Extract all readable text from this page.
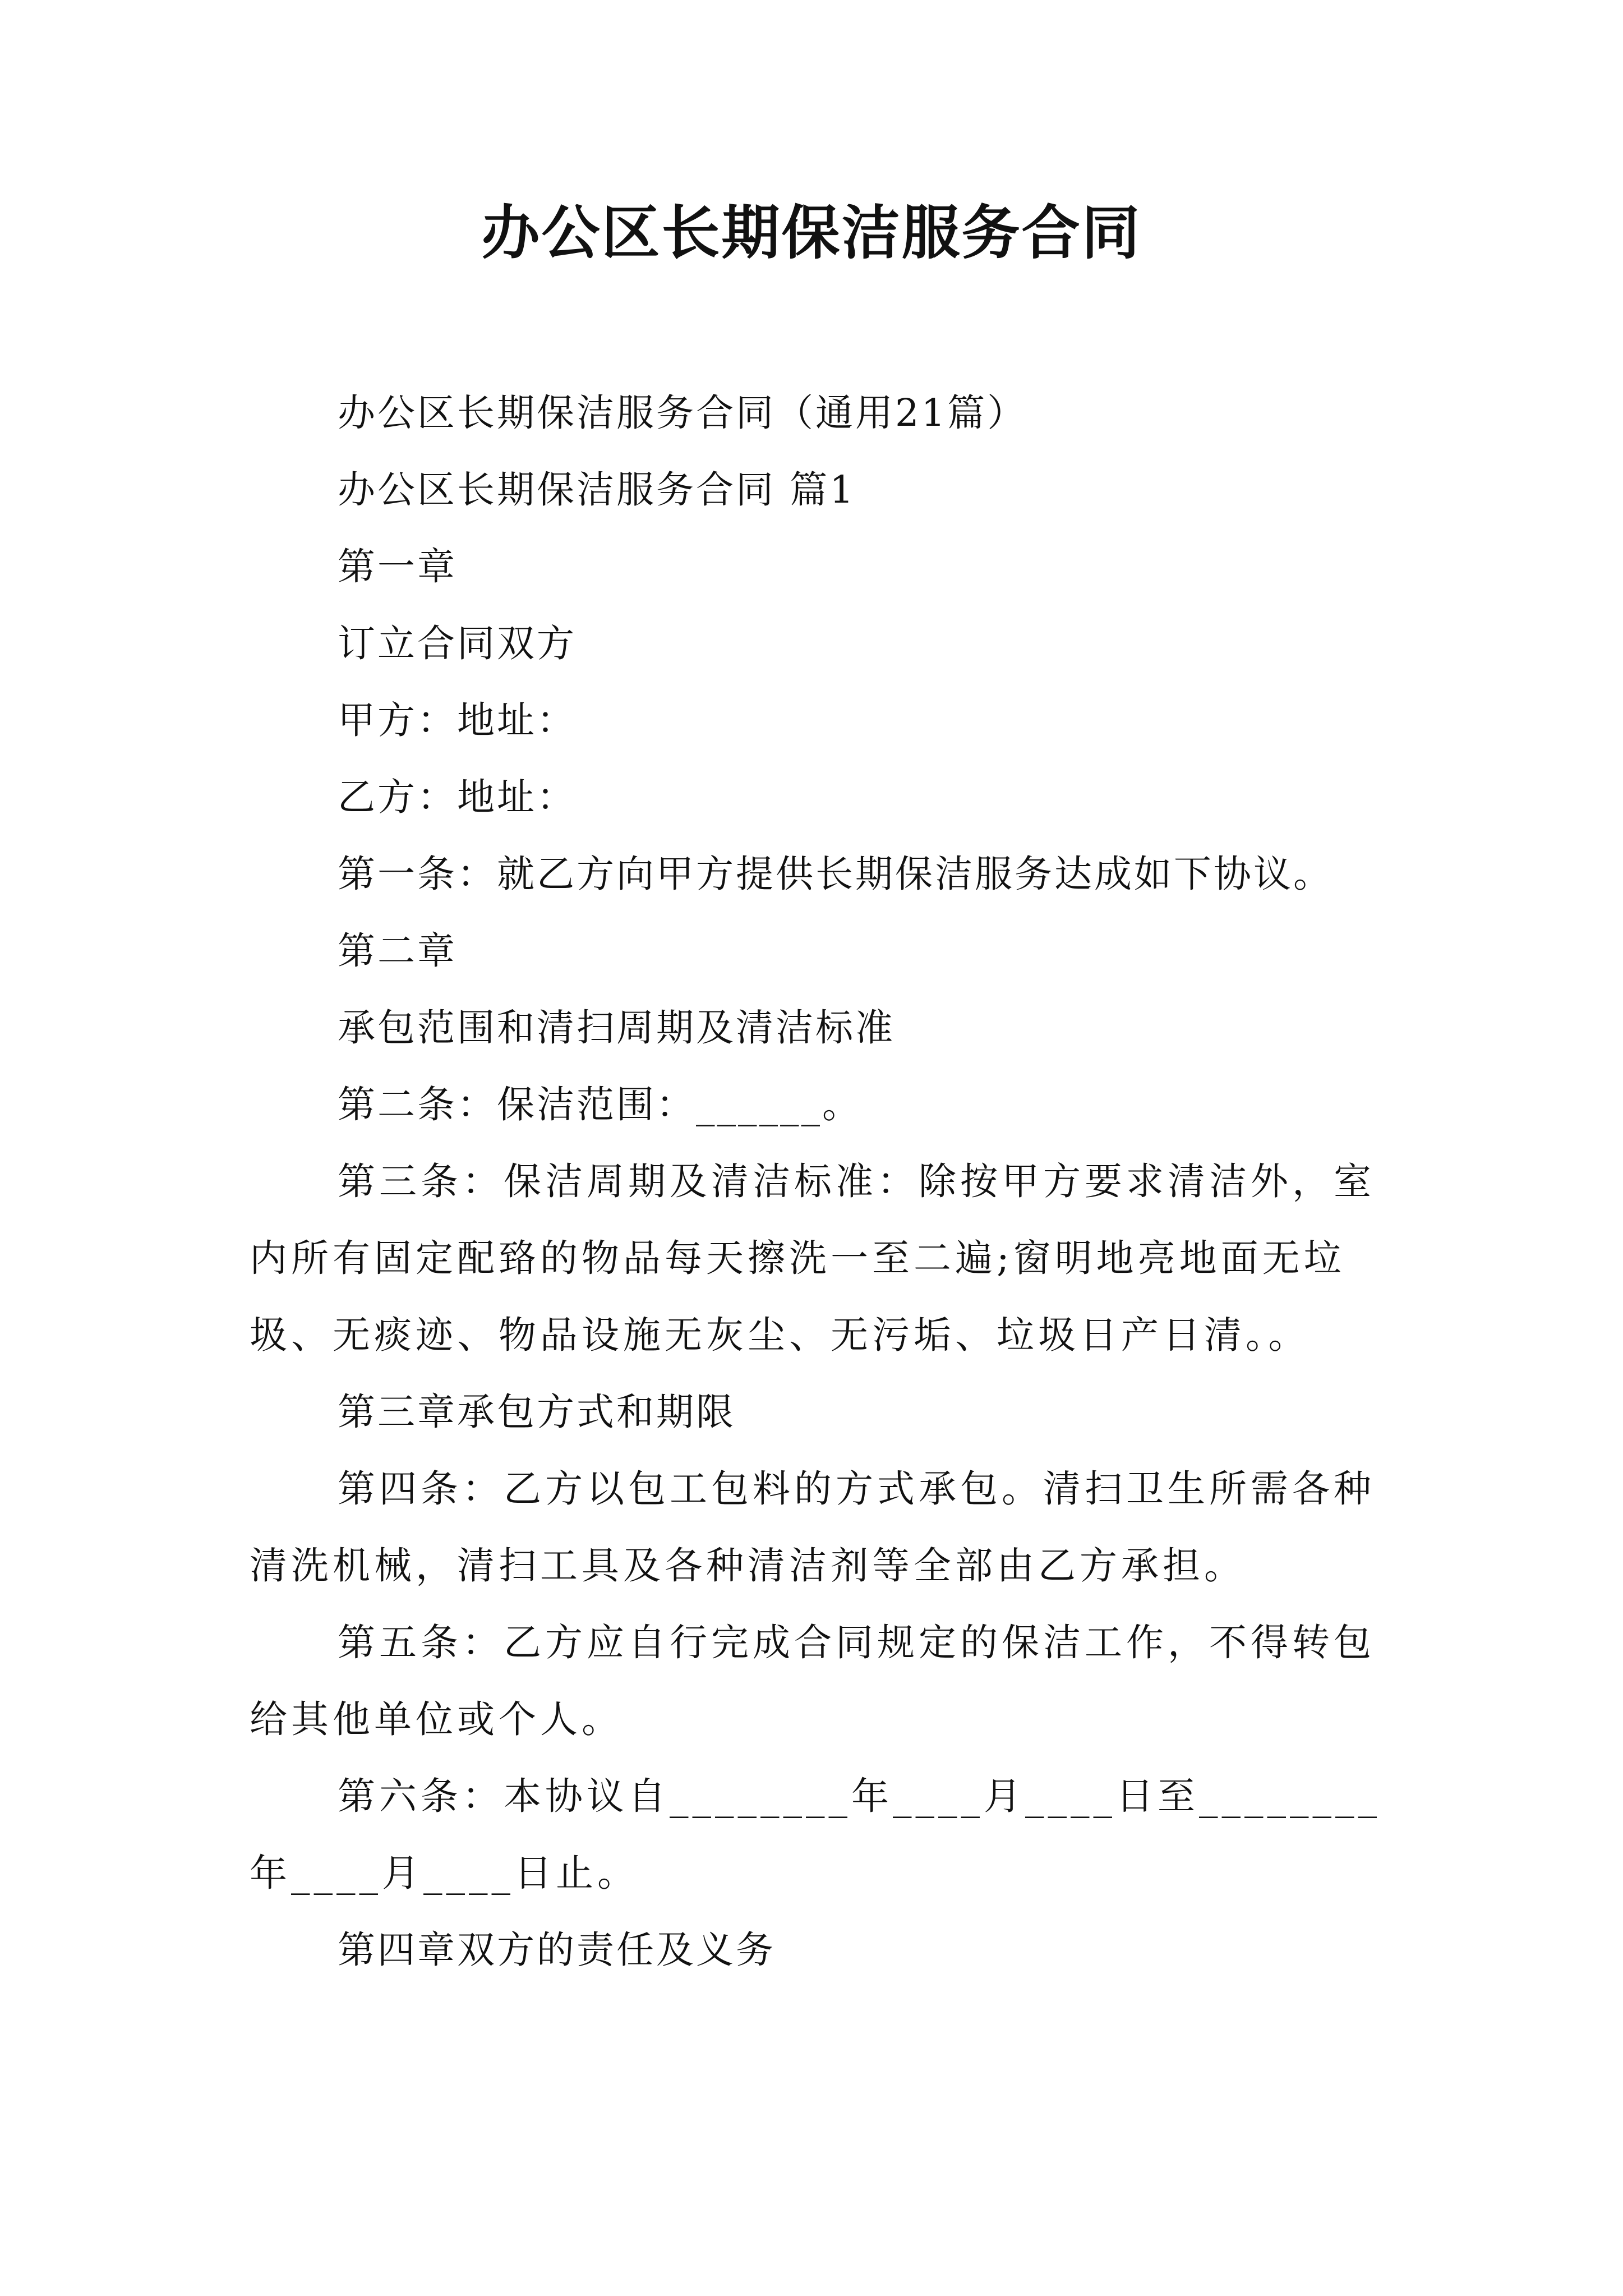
办公区长期保洁服务合同

办公区长期保洁服务合同（通用21篇）

办公区长期保洁服务合同 篇1

第一章

订立合同双方

甲方：地址：

乙方：地址：

第一条：就乙方向甲方提供长期保洁服务达成如下协议。

第二章

承包范围和清扫周期及清洁标准

第二条：保洁范围：______。

第三条：保洁周期及清洁标准：除按甲方要求清洁外，室内所有固定配臵的物品每天擦洗一至二遍;窗明地亮地面无垃圾、无痰迹、物品设施无灰尘、无污垢、垃圾日产日清。。

第三章承包方式和期限

第四条：乙方以包工包料的方式承包。清扫卫生所需各种清洗机械，清扫工具及各种清洁剂等全部由乙方承担。

第五条：乙方应自行完成合同规定的保洁工作，不得转包给其他单位或个人。

第六条：本协议自________年____月____日至________年____月____日止。

第四章双方的责任及义务
